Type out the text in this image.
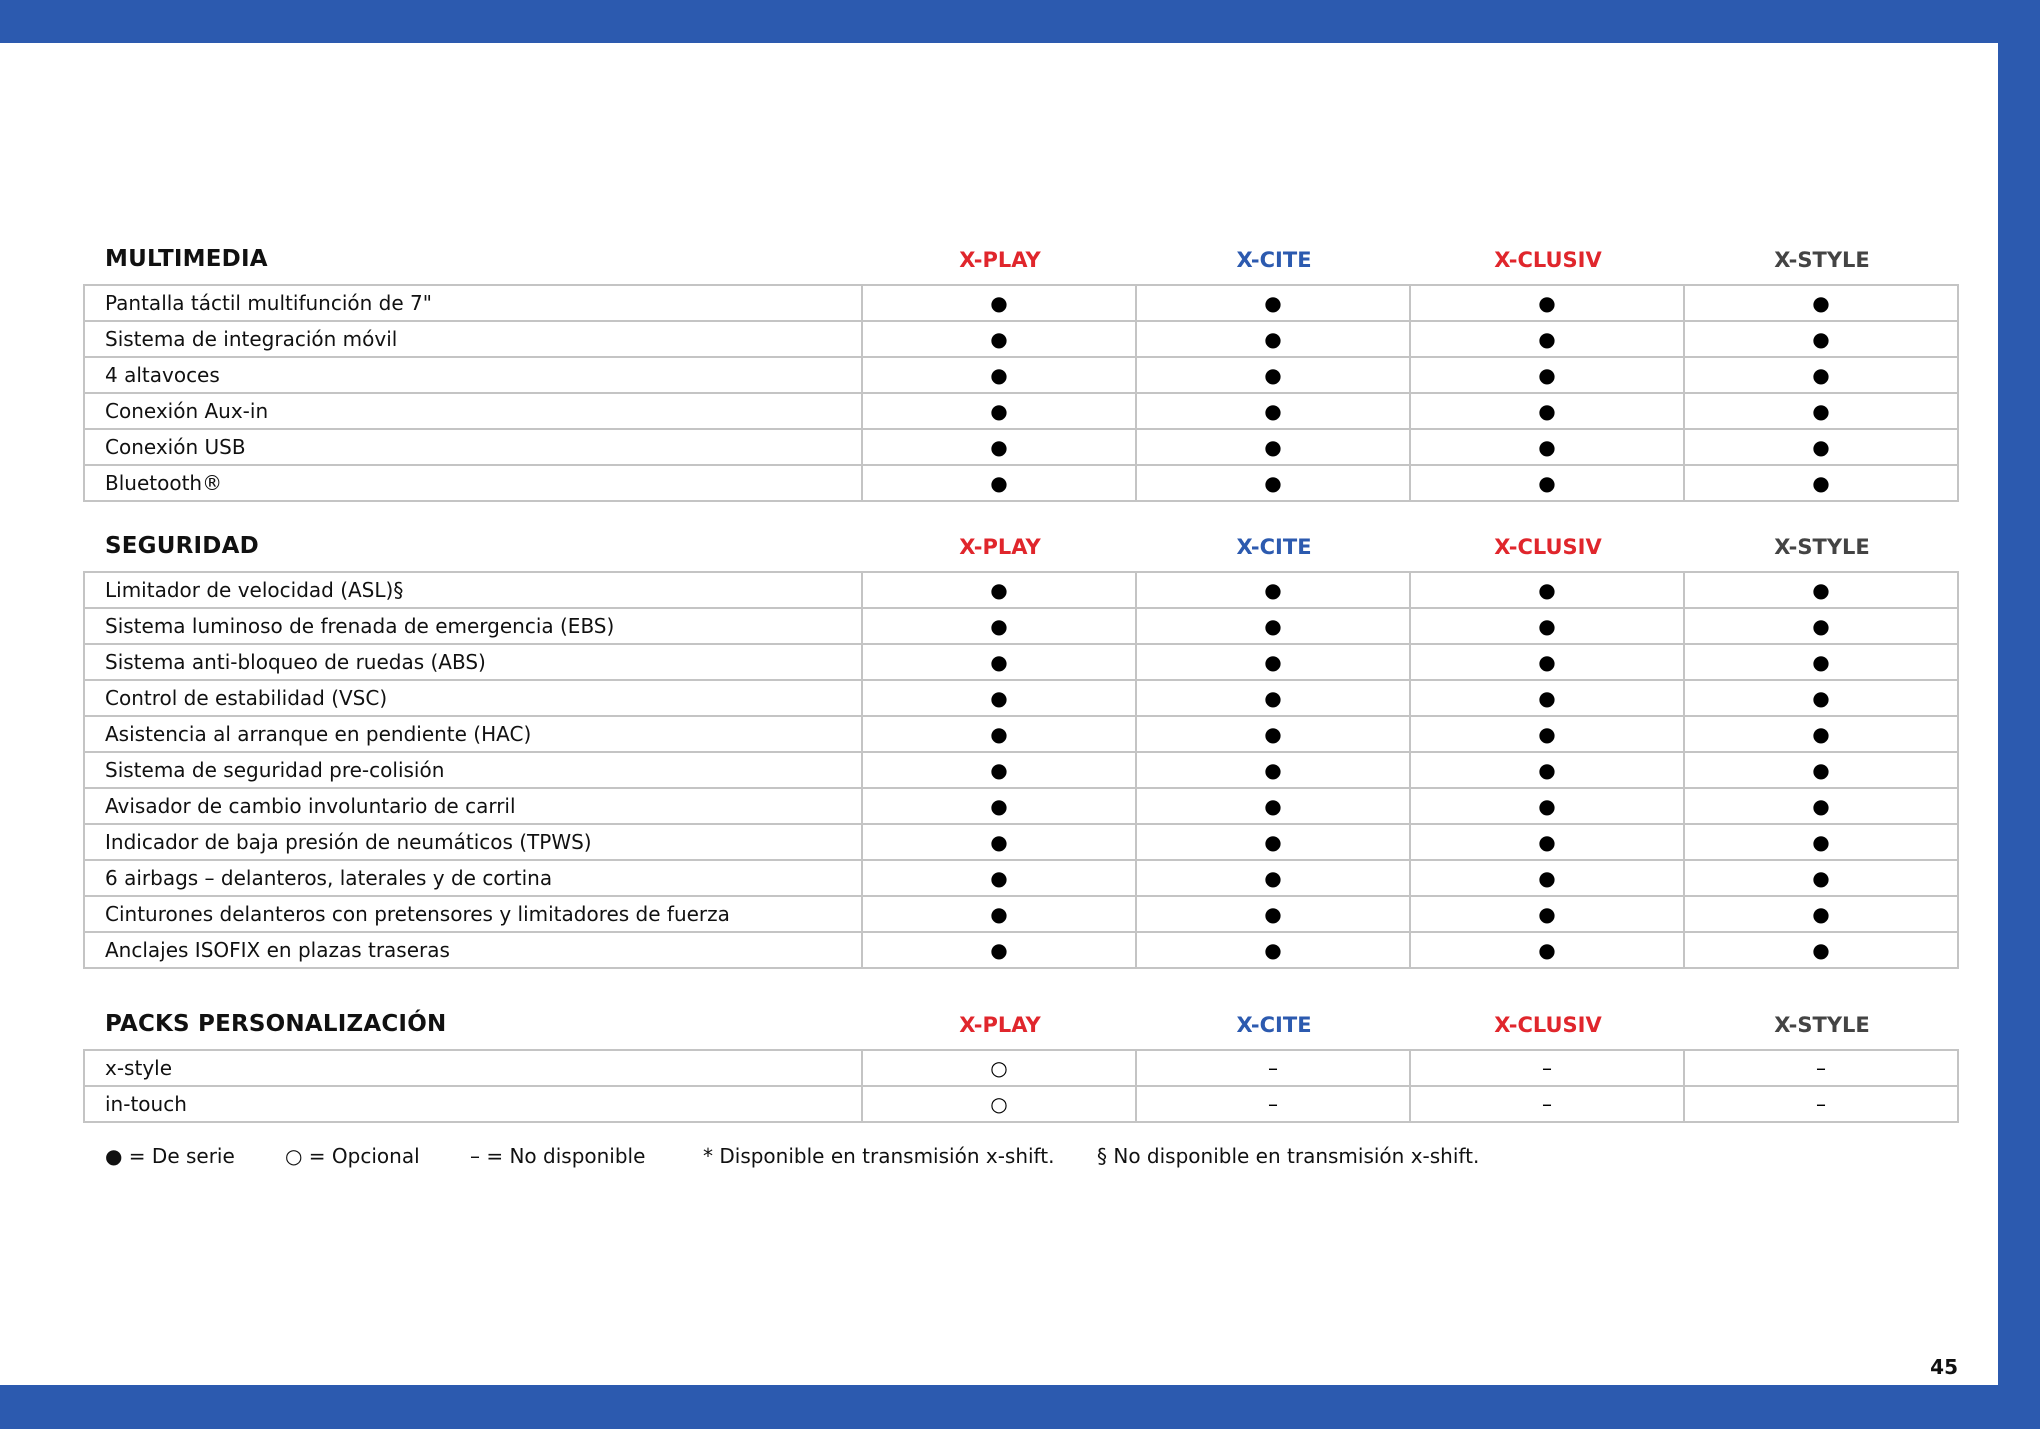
MULTIMEDIA	X-PLAY	X-CITE	X-CLUSIV	X-STYLE
Pantalla táctil multifunción de 7"	●	●	●	●
Sistema de integración móvil	●	●	●	●
4 altavoces	●	●	●	●
Conexión Aux-in	●	●	●	●
Conexión USB	●	●	●	●
Bluetooth®	●	●	●	●
SEGURIDAD	X-PLAY	X-CITE	X-CLUSIV	X-STYLE
Limitador de velocidad (ASL)§	●	●	●	●
Sistema luminoso de frenada de emergencia (EBS)	●	●	●	●
Sistema anti-bloqueo de ruedas (ABS)	●	●	●	●
Control de estabilidad (VSC)	●	●	●	●
Asistencia al arranque en pendiente (HAC)	●	●	●	●
Sistema de seguridad pre-colisión	●	●	●	●
Avisador de cambio involuntario de carril	●	●	●	●
Indicador de baja presión de neumáticos (TPWS)	●	●	●	●
6 airbags – delanteros, laterales y de cortina	●	●	●	●
Cinturones delanteros con pretensores y limitadores de fuerza	●	●	●	●
Anclajes ISOFIX en plazas traseras	●	●	●	●
PACKS PERSONALIZACIÓN	X-PLAY	X-CITE	X-CLUSIV	X-STYLE
x-style	○	–	–	–
in-touch	○	–	–	–
● = De serie	○ = Opcional	– = No disponible	* Disponible en transmisión x-shift. § No disponible en transmisión x-shift.
45
